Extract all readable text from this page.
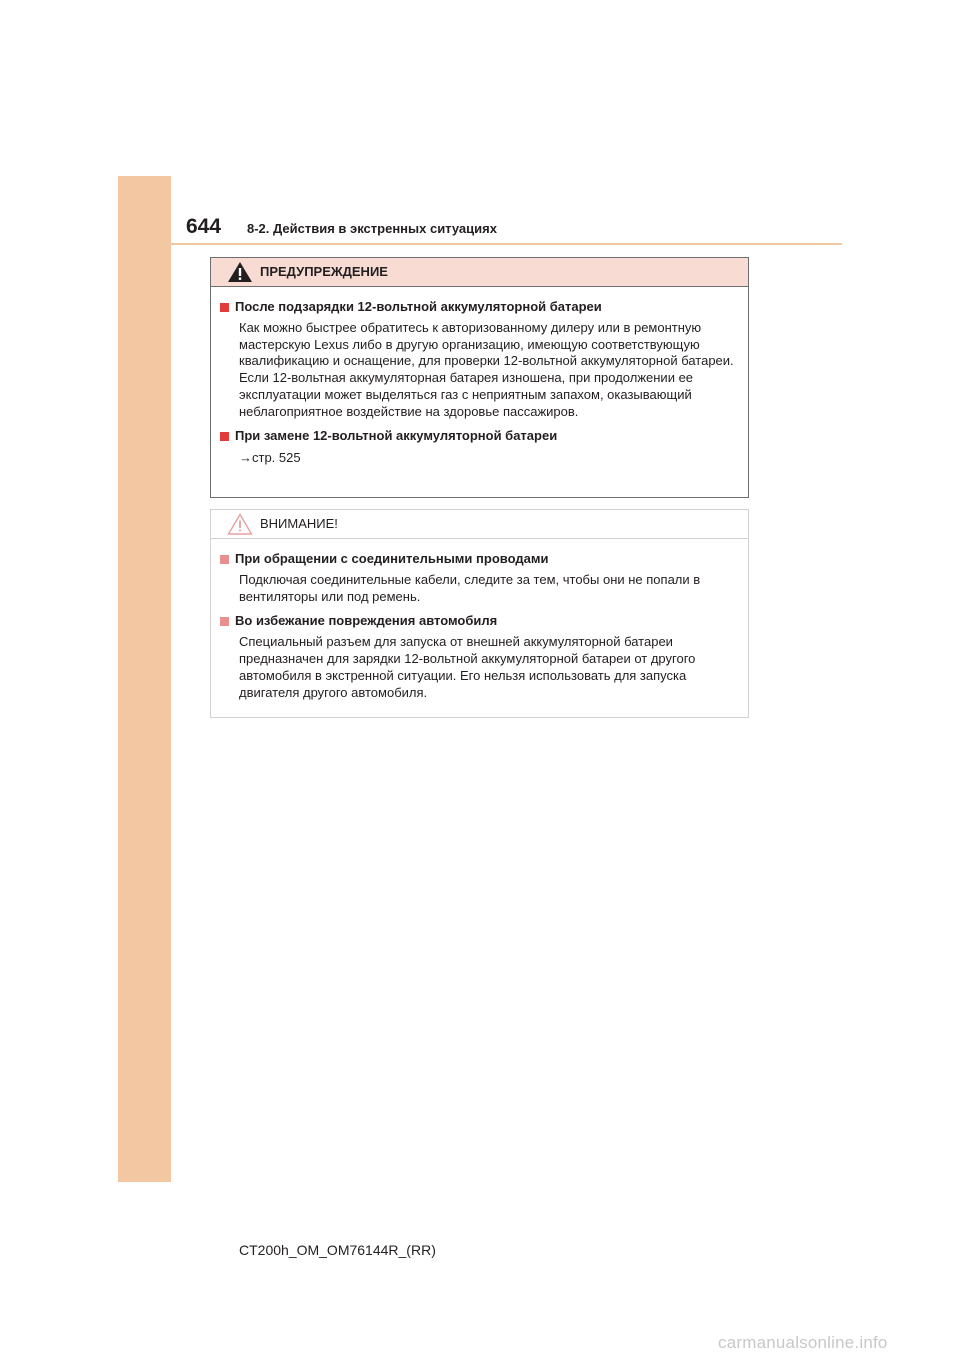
644 8-2. Действия в экстренных ситуациях
ПРЕДУПРЕЖДЕНИЕ
После подзарядки 12-вольтной аккумуляторной батареи
Как можно быстрее обратитесь к авторизованному дилеру или в ремонтную мастерскую Lexus либо в другую организацию, имеющую соответствующую квалификацию и оснащение, для проверки 12-вольтной аккумуляторной батареи.
Если 12-вольтная аккумуляторная батарея изношена, при продолжении ее эксплуатации может выделяться газ с неприятным запахом, оказывающий неблагоприятное воздействие на здоровье пассажиров.
При замене 12-вольтной аккумуляторной батареи
→стр. 525
ВНИМАНИЕ!
При обращении с соединительными проводами
Подключая соединительные кабели, следите за тем, чтобы они не попали в вентиляторы или под ремень.
Во избежание повреждения автомобиля
Специальный разъем для запуска от внешней аккумуляторной батареи предназначен для зарядки 12-вольтной аккумуляторной батареи от другого автомобиля в экстренной ситуации. Его нельзя использовать для запуска двигателя другого автомобиля.
CT200h_OM_OM76144R_(RR)
carmanualsonline.info
